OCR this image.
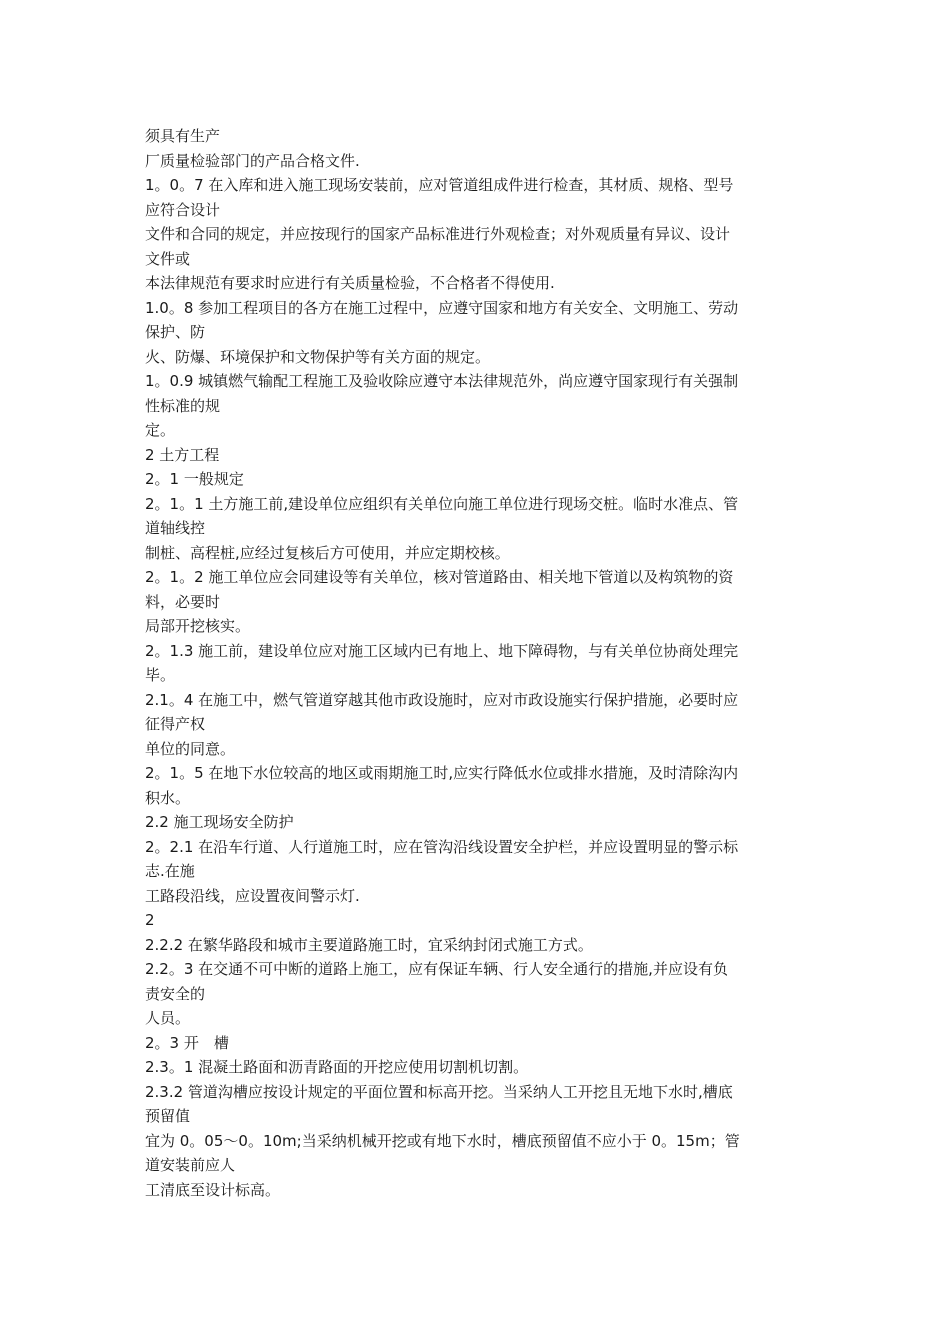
须具有生产
厂质量检验部门的产品合格文件.
1。0。7 在入库和进入施工现场安装前，应对管道组成件进行检查，其材质、规格、型号
应符合设计
文件和合同的规定，并应按现行的国家产品标准进行外观检查；对外观质量有异议、设计
文件或
本法律规范有要求时应进行有关质量检验，不合格者不得使用.
1.0。8 参加工程项目的各方在施工过程中，应遵守国家和地方有关安全、文明施工、劳动
保护、防
火、防爆、环境保护和文物保护等有关方面的规定。
1。0.9 城镇燃气输配工程施工及验收除应遵守本法律规范外，尚应遵守国家现行有关强制
性标准的规
定。
2 土方工程
2。1 一般规定
2。1。1 土方施工前,建设单位应组织有关单位向施工单位进行现场交桩。临时水准点、管
道轴线控
制桩、高程桩,应经过复核后方可使用，并应定期校核。
2。1。2 施工单位应会同建设等有关单位，核对管道路由、相关地下管道以及构筑物的资
料，必要时
局部开挖核实。
2。1.3 施工前，建设单位应对施工区域内已有地上、地下障碍物，与有关单位协商处理完
毕。
2.1。4 在施工中，燃气管道穿越其他市政设施时，应对市政设施实行保护措施，必要时应
征得产权
单位的同意。
2。1。5 在地下水位较高的地区或雨期施工时,应实行降低水位或排水措施，及时清除沟内
积水。
2.2 施工现场安全防护
2。2.1 在沿车行道、人行道施工时，应在管沟沿线设置安全护栏，并应设置明显的警示标
志.在施
工路段沿线，应设置夜间警示灯.
2
2.2.2 在繁华路段和城市主要道路施工时，宜采纳封闭式施工方式。
2.2。3 在交通不可中断的道路上施工，应有保证车辆、行人安全通行的措施,并应设有负
责安全的
人员。
2。3 开　槽
2.3。1 混凝土路面和沥青路面的开挖应使用切割机切割。
2.3.2 管道沟槽应按设计规定的平面位置和标高开挖。当采纳人工开挖且无地下水时,槽底
预留值
宜为 0。05～0。10m;当采纳机械开挖或有地下水时，槽底预留值不应小于 0。15m；管
道安装前应人
工清底至设计标高。
